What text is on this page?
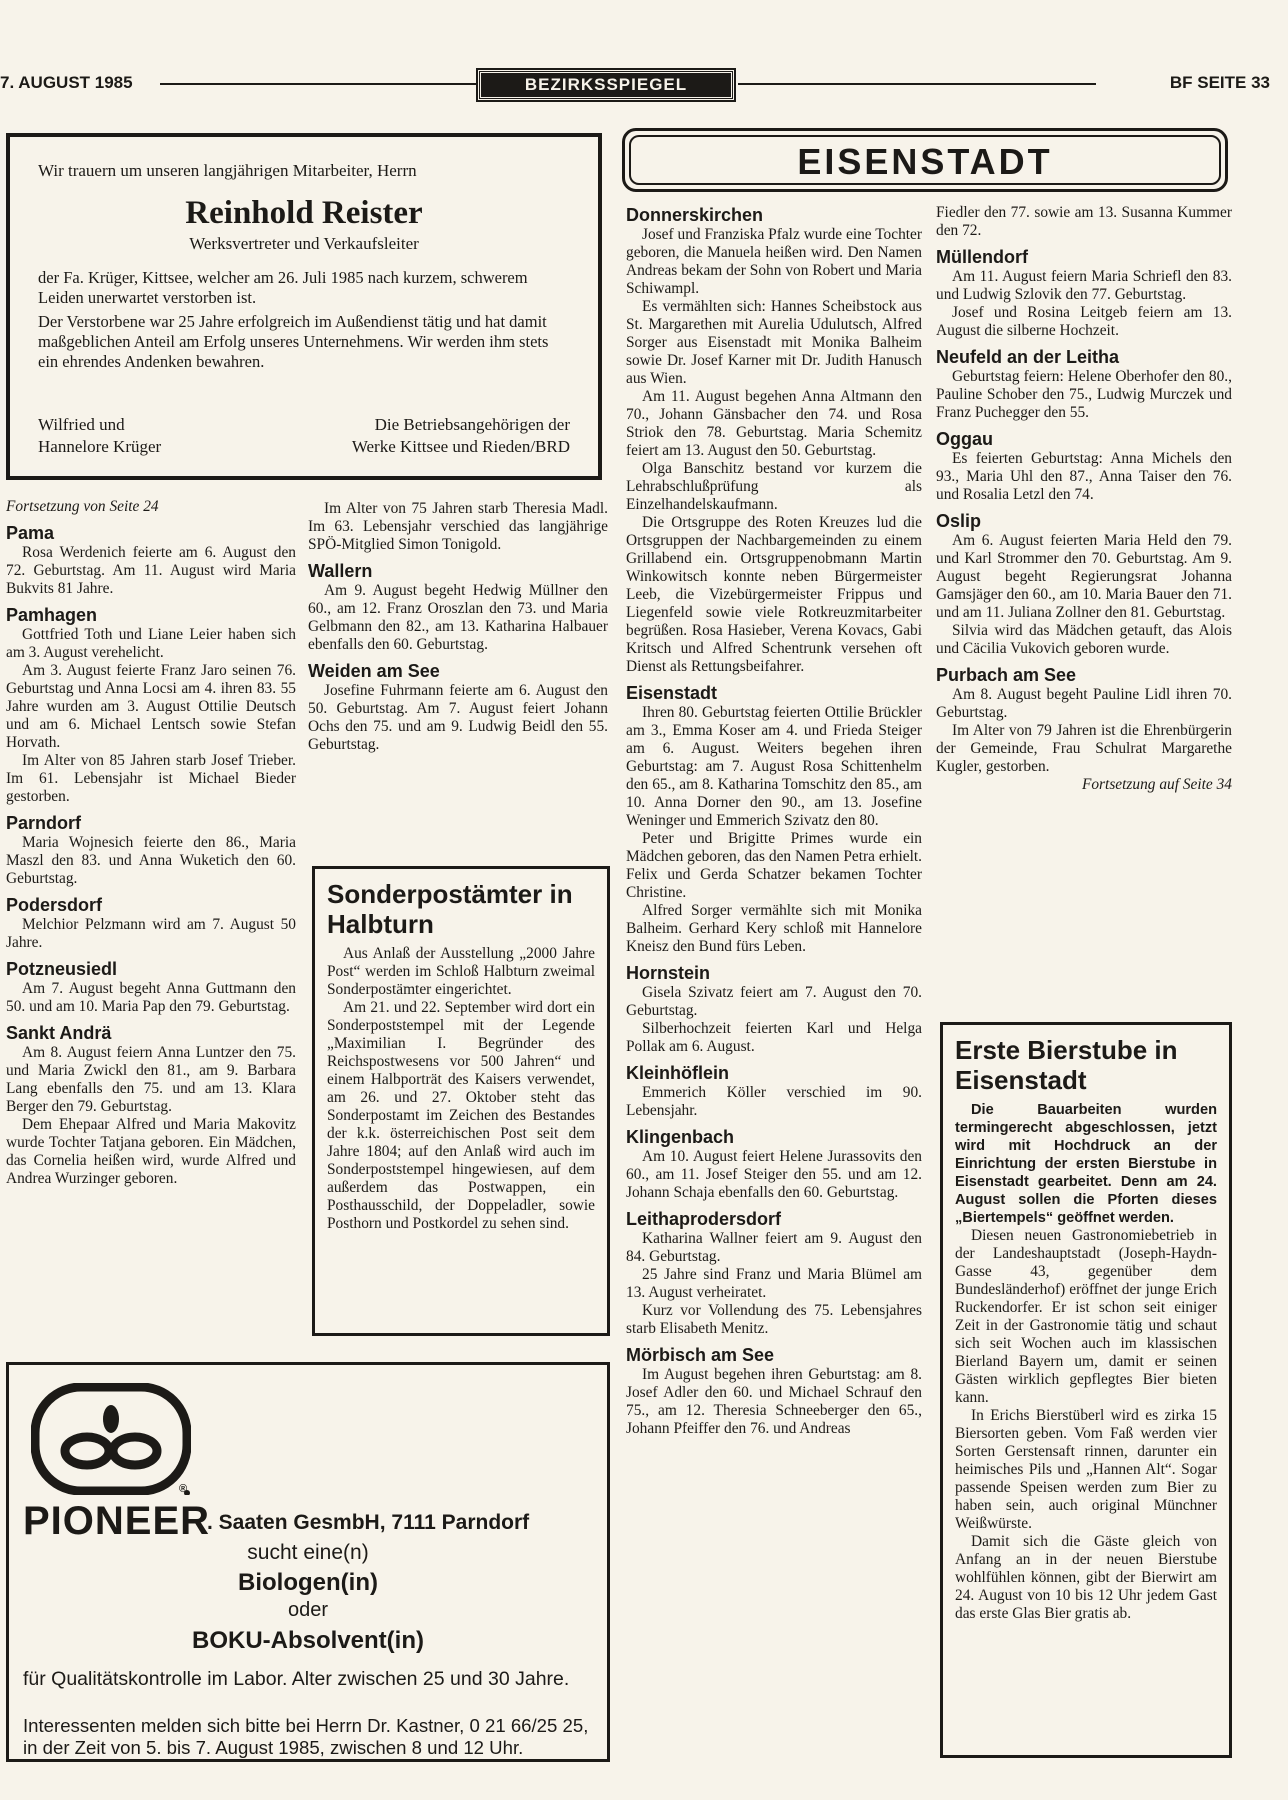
7. AUGUST 1985	BEZIRKSSPIEGEL	BF SEITE 33
Wir trauern um unseren langjährigen Mitarbeiter, Herrn
Reinhold Reister
Werksvertreter und Verkaufsleiter

der Fa. Krüger, Kittsee, welcher am 26. Juli 1985 nach kurzem, schwerem Leiden unerwartet verstorben ist.

Der Verstorbene war 25 Jahre erfolgreich im Außendienst tätig und hat damit maßgeblichen Anteil am Erfolg unseres Unternehmens. Wir werden ihm stets ein ehrendes Andenken bewahren.

Wilfried und
Hannelore Krüger
Die Betriebsangehörigen der
Werke Kittsee und Rieden/BRD
EISENSTADT

Fortsetzung von Seite 24

Pama

Rosa Werdenich feierte am 6. August den 72. Geburtstag. Am 11. August wird Maria Bukvits 81 Jahre.

Pamhagen

Gottfried Toth und Liane Leier haben sich am 3. August verehelicht.

Am 3. August feierte Franz Jaro seinen 76. Geburtstag und Anna Locsi am 4. ihren 83. 55 Jahre wurden am 3. August Ottilie Deutsch und am 6. Michael Lentsch sowie Stefan Horvath.

Im Alter von 85 Jahren starb Josef Trieber. Im 61. Lebensjahr ist Michael Bieder gestorben.

Parndorf

Maria Wojnesich feierte den 86., Maria Maszl den 83. und Anna Wuketich den 60. Geburtstag.

Podersdorf

Melchior Pelzmann wird am 7. August 50 Jahre.

Potzneusiedl

Am 7. August begeht Anna Guttmann den 50. und am 10. Maria Pap den 79. Geburtstag.

Sankt Andrä

Am 8. August feiern Anna Luntzer den 75. und Maria Zwickl den 81., am 9. Barbara Lang ebenfalls den 75. und am 13. Klara Berger den 79. Geburtstag.

Dem Ehepaar Alfred und Maria Makovitz wurde Tochter Tatjana geboren. Ein Mädchen, das Cornelia heißen wird, wurde Alfred und Andrea Wurzinger geboren.

Im Alter von 75 Jahren starb Theresia Madl. Im 63. Lebensjahr verschied das langjährige SPÖ-Mitglied Simon Tonigold.

Wallern

Am 9. August begeht Hedwig Müllner den 60., am 12. Franz Oroszlan den 73. und Maria Gelbmann den 82., am 13. Katharina Halbauer ebenfalls den 60. Geburtstag.

Weiden am See

Josefine Fuhrmann feierte am 6. August den 50. Geburtstag. Am 7. August feiert Johann Ochs den 75. und am 9. Ludwig Beidl den 55. Geburtstag.

Sonderpostämter in Halbturn

Aus Anlaß der Ausstellung „2000 Jahre Post“ werden im Schloß Halbturn zweimal Sonderpostämter eingerichtet.

Am 21. und 22. September wird dort ein Sonderpoststempel mit der Legende „Maximilian I. Begründer des Reichspostwesens vor 500 Jahren“ und einem Halbporträt des Kaisers verwendet, am 26. und 27. Oktober steht das Sonderpostamt im Zeichen des Bestandes der k.k. österreichischen Post seit dem Jahre 1804; auf den Anlaß wird auch im Sonderpoststempel hingewiesen, auf dem außerdem das Postwappen, ein Posthausschild, der Doppeladler, sowie Posthorn und Postkordel zu sehen sind.

Donnerskirchen

Josef und Franziska Pfalz wurde eine Tochter geboren, die Manuela heißen wird. Den Namen Andreas bekam der Sohn von Robert und Maria Schiwampl.

Es vermählten sich: Hannes Scheibstock aus St. Margarethen mit Aurelia Udulutsch, Alfred Sorger aus Eisenstadt mit Monika Balheim sowie Dr. Josef Karner mit Dr. Judith Hanusch aus Wien.

Am 11. August begehen Anna Altmann den 70., Johann Gänsbacher den 74. und Rosa Striok den 78. Geburtstag. Maria Schemitz feiert am 13. August den 50. Geburtstag.

Olga Banschitz bestand vor kurzem die Lehrabschlußprüfung als Einzelhandelskaufmann.

Die Ortsgruppe des Roten Kreuzes lud die Ortsgruppen der Nachbargemeinden zu einem Grillabend ein. Ortsgruppenobmann Martin Winkowitsch konnte neben Bürgermeister Leeb, die Vizebürgermeister Frippus und Liegenfeld sowie viele Rotkreuzmitarbeiter begrüßen. Rosa Hasieber, Verena Kovacs, Gabi Kritsch und Alfred Schentrunk versehen oft Dienst als Rettungsbeifahrer.

Eisenstadt

Ihren 80. Geburtstag feierten Ottilie Brückler am 3., Emma Koser am 4. und Frieda Steiger am 6. August. Weiters begehen ihren Geburtstag: am 7. August Rosa Schittenhelm den 65., am 8. Katharina Tomschitz den 85., am 10. Anna Dorner den 90., am 13. Josefine Weninger und Emmerich Szivatz den 80.

Peter und Brigitte Primes wurde ein Mädchen geboren, das den Namen Petra erhielt. Felix und Gerda Schatzer bekamen Tochter Christine.

Alfred Sorger vermählte sich mit Monika Balheim. Gerhard Kery schloß mit Hannelore Kneisz den Bund fürs Leben.

Hornstein

Gisela Szivatz feiert am 7. August den 70. Geburtstag.

Silberhochzeit feierten Karl und Helga Pollak am 6. August.

Kleinhöflein

Emmerich Köller verschied im 90. Lebensjahr.

Klingenbach

Am 10. August feiert Helene Jurassovits den 60., am 11. Josef Steiger den 55. und am 12. Johann Schaja ebenfalls den 60. Geburtstag.

Leithaprodersdorf

Katharina Wallner feiert am 9. August den 84. Geburtstag.

25 Jahre sind Franz und Maria Blümel am 13. August verheiratet.

Kurz vor Vollendung des 75. Lebensjahres starb Elisabeth Menitz.

Mörbisch am See

Im August begehen ihren Geburtstag: am 8. Josef Adler den 60. und Michael Schrauf den 75., am 12. Theresia Schneeberger den 65., Johann Pfeiffer den 76. und Andreas

Fiedler den 77. sowie am 13. Susanna Kummer den 72.

Müllendorf

Am 11. August feiern Maria Schriefl den 83. und Ludwig Szlovik den 77. Geburtstag.

Josef und Rosina Leitgeb feiern am 13. August die silberne Hochzeit.

Neufeld an der Leitha

Geburtstag feiern: Helene Oberhofer den 80., Pauline Schober den 75., Ludwig Murczek und Franz Puchegger den 55.

Oggau

Es feierten Geburtstag: Anna Michels den 93., Maria Uhl den 87., Anna Taiser den 76. und Rosalia Letzl den 74.

Oslip

Am 6. August feierten Maria Held den 79. und Karl Strommer den 70. Geburtstag. Am 9. August begeht Regierungsrat Johanna Gamsjäger den 60., am 10. Maria Bauer den 71. und am 11. Juliana Zollner den 81. Geburtstag.

Silvia wird das Mädchen getauft, das Alois und Cäcilia Vukovich geboren wurde.

Purbach am See

Am 8. August begeht Pauline Lidl ihren 70. Geburtstag.

Im Alter von 79 Jahren ist die Ehrenbürgerin der Gemeinde, Frau Schulrat Margarethe Kugler, gestorben.

Fortsetzung auf Seite 34

Erste Bierstube in Eisenstadt

Die Bauarbeiten wurden termingerecht abgeschlossen, jetzt wird mit Hochdruck an der Einrichtung der ersten Bierstube in Eisenstadt gearbeitet. Denn am 24. August sollen die Pforten dieses „Biertempels“ geöffnet werden.

Diesen neuen Gastronomiebetrieb in der Landeshauptstadt (Joseph-Haydn-Gasse 43, gegenüber dem Bundesländerhof) eröffnet der junge Erich Ruckendorfer. Er ist schon seit einiger Zeit in der Gastronomie tätig und schaut sich seit Wochen auch im klassischen Bierland Bayern um, damit er seinen Gästen wirklich gepflegtes Bier bieten kann.

In Erichs Bierstüberl wird es zirka 15 Biersorten geben. Vom Faß werden vier Sorten Gerstensaft rinnen, darunter ein heimisches Pils und „Hannen Alt“. Sogar passende Speisen werden zum Bier zu haben sein, auch original Münchner Weißwürste.

Damit sich die Gäste gleich von Anfang an in der neuen Bierstube wohlfühlen können, gibt der Bierwirt am 24. August von 10 bis 12 Uhr jedem Gast das erste Glas Bier gratis ab.

PIONEER
®
. Saaten GesmbH, 7111 Parndorf
sucht eine(n)
Biologen(in)
oder
BOKU-Absolvent(in)
für Qualitätskontrolle im Labor. Alter zwischen 25 und 30 Jahre.
Interessenten melden sich bitte bei Herrn Dr. Kastner, 0 21 66/25 25, in der Zeit von 5. bis 7. August 1985, zwischen 8 und 12 Uhr.
